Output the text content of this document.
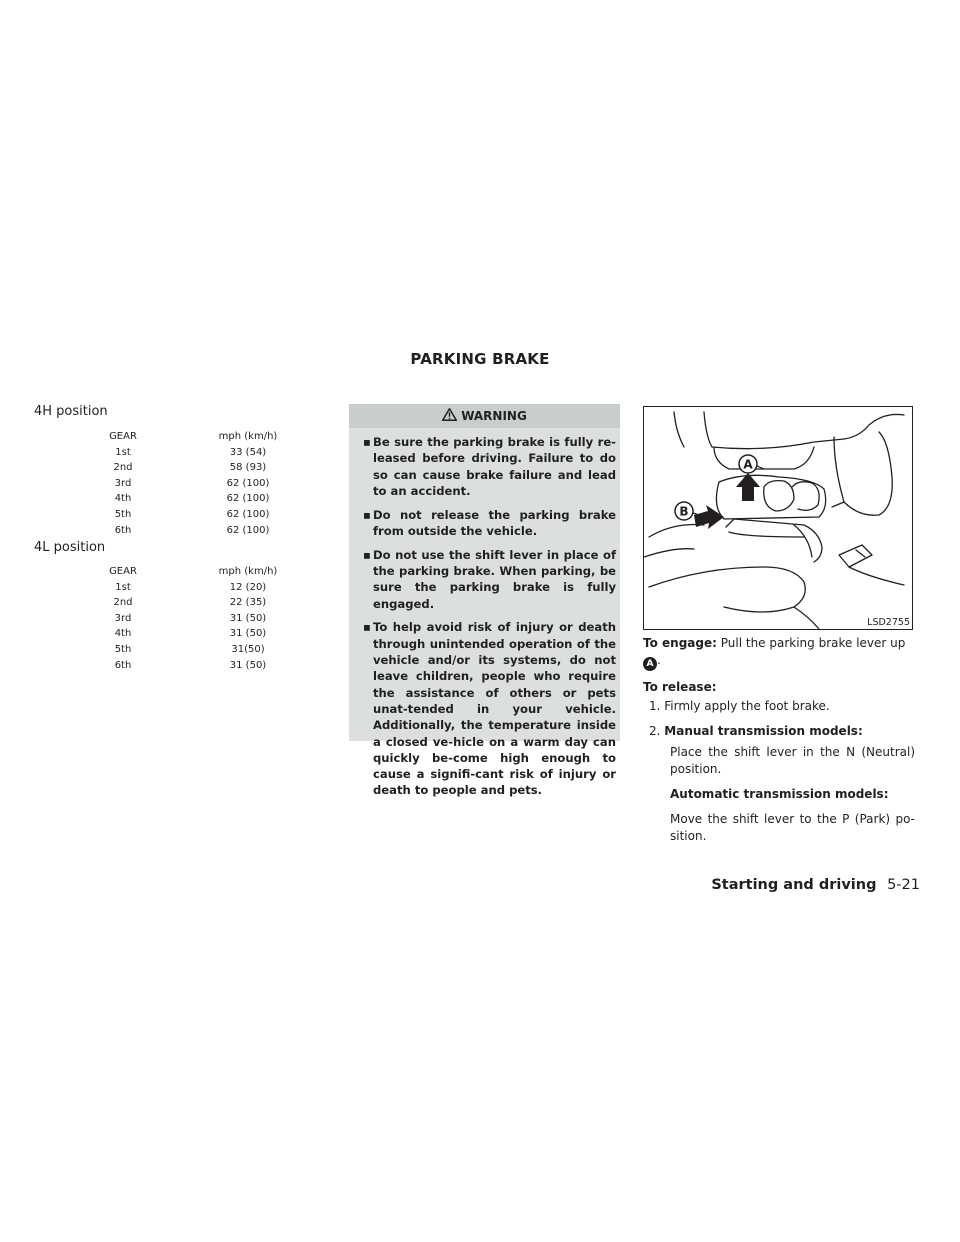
PARKING BRAKE
4H position
GEAR	mph (km/h)
1st	33 (54)
2nd	58 (93)
3rd	62 (100)
4th	62 (100)
5th	62 (100)
6th	62 (100)
4L position
GEAR	mph (km/h)
1st	12 (20)
2nd	22 (35)
3rd	31 (50)
4th	31 (50)
5th	31(50)
6th	31 (50)
WARNING
▪ Be sure the parking brake is fully re-leased before driving. Failure to do so can cause brake failure and lead to an accident.
▪ Do not release the parking brake from outside the vehicle.
▪ Do not use the shift lever in place of the parking brake. When parking, be sure the parking brake is fully engaged.
▪ To help avoid risk of injury or death through unintended operation of the vehicle and/or its systems, do not leave children, people who require the assistance of others or pets unat-tended in your vehicle. Additionally, the temperature inside a closed ve-hicle on a warm day can quickly be-come high enough to cause a signifi-cant risk of injury or death to people and pets.
A
B
LSD2755

To engage: Pull the parking brake lever up
A .

To release:

1. Firmly apply the foot brake.

2. Manual transmission models:

Place the shift lever in the N (Neutral) position.

Automatic transmission models:

Move the shift lever to the P (Park) po-sition.

Starting and driving 5-21
